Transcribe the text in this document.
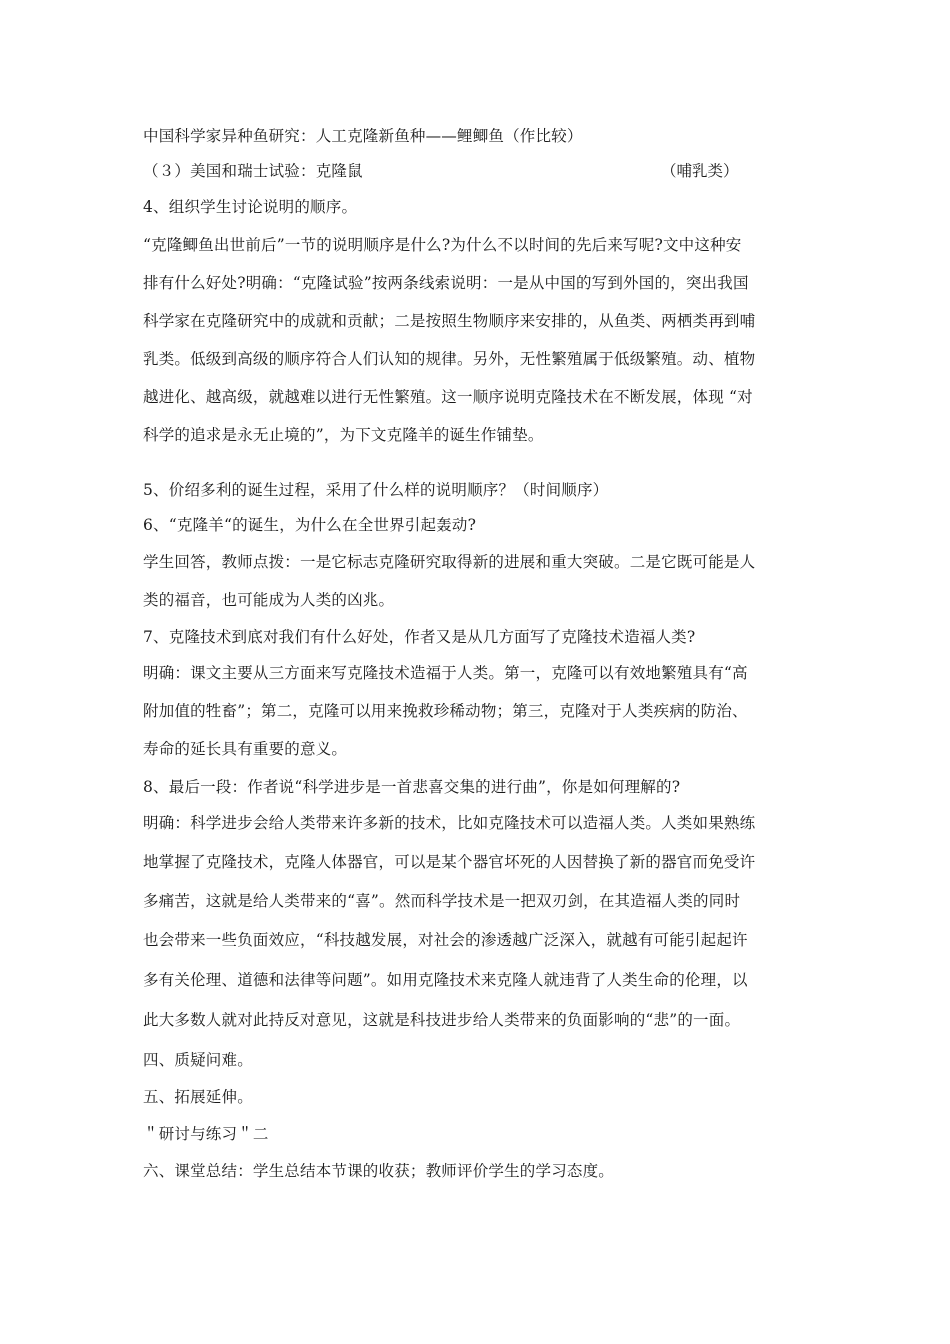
中国科学家异种鱼研究：人工克隆新鱼种——鲤鲫鱼（作比较）
（３）美国和瑞士试验：克隆鼠	（哺乳类）
4、组织学生讨论说明的顺序。
“克隆鲫鱼出世前后”一节的说明顺序是什么?为什么不以时间的先后来写呢?文中这种安
排有什么好处?明确：“克隆试验”按两条线索说明：一是从中国的写到外国的，突出我国
科学家在克隆研究中的成就和贡献；二是按照生物顺序来安排的，从鱼类、两栖类再到哺
乳类。低级到高级的顺序符合人们认知的规律。另外，无性繁殖属于低级繁殖。动、植物
越进化、越高级，就越难以进行无性繁殖。这一顺序说明克隆技术在不断发展，体现 “对
科学的追求是永无止境的”，为下文克隆羊的诞生作铺垫。
5、价绍多利的诞生过程，采用了什么样的说明顺序？（时间顺序）
6、“克隆羊“的诞生，为什么在全世界引起轰动?
学生回答，教师点拨：一是它标志克隆研究取得新的进展和重大突破。二是它既可能是人
类的福音，也可能成为人类的凶兆。
7、克隆技术到底对我们有什么好处，作者又是从几方面写了克隆技术造福人类?
明确：课文主要从三方面来写克隆技术造福于人类。第一，克隆可以有效地繁殖具有“高
附加值的牲畜”；第二，克隆可以用来挽救珍稀动物；第三，克隆对于人类疾病的防治、
寿命的延长具有重要的意义。
8、最后一段：作者说“科学进步是一首悲喜交集的进行曲”，你是如何理解的?
明确：科学进步会给人类带来许多新的技术，比如克隆技术可以造福人类。人类如果熟练
地掌握了克隆技术，克隆人体器官，可以是某个器官坏死的人因替换了新的器官而免受许
多痛苦，这就是给人类带来的“喜”。然而科学技术是一把双刃剑，在其造福人类的同时
也会带来一些负面效应，“科技越发展，对社会的渗透越广泛深入，就越有可能引起起许
多有关伦理、道德和法律等问题”。如用克隆技术来克隆人就违背了人类生命的伦理，以
此大多数人就对此持反对意见，这就是科技进步给人类带来的负面影响的“悲”的一面。
四、质疑问难。
五、拓展延伸。
＂研讨与练习＂二
六、课堂总结：学生总结本节课的收获；教师评价学生的学习态度。
